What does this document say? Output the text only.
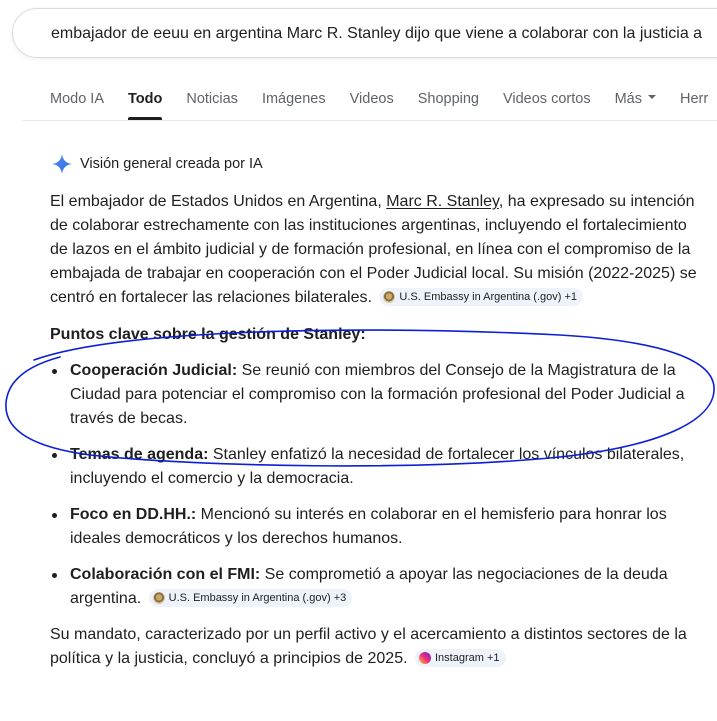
embajador de eeuu en argentina Marc R. Stanley dijo que viene a colaborar con la justicia a
Modo IA Todo Noticias Imágenes Videos Shopping Videos cortos Más	Herr
Visión general creada por IA

El embajador de Estados Unidos en Argentina, Marc R. Stanley, ha expresado su intención de colaborar estrechamente con las instituciones argentinas, incluyendo el fortalecimiento de lazos en el ámbito judicial y de formación profesional, en línea con el compromiso de la embajada de trabajar en cooperación con el Poder Judicial local. Su misión (2022-2025) se centró en fortalecer las relaciones bilaterales. U.S. Embassy in Argentina (.gov) +1

Puntos clave sobre la gestión de Stanley:
Cooperación Judicial: Se reunió con miembros del Consejo de la Magistratura de la Ciudad para potenciar el compromiso con la formación profesional del Poder Judicial a través de becas.
Temas de agenda: Stanley enfatizó la necesidad de fortalecer los vínculos bilaterales, incluyendo el comercio y la democracia.
Foco en DD.HH.: Mencionó su interés en colaborar en el hemisferio para honrar los ideales democráticos y los derechos humanos.
Colaboración con el FMI: Se comprometió a apoyar las negociaciones de la deuda argentina. U.S. Embassy in Argentina (.gov) +3

Su mandato, caracterizado por un perfil activo y el acercamiento a distintos sectores de la política y la justicia, concluyó a principios de 2025. Instagram +1
